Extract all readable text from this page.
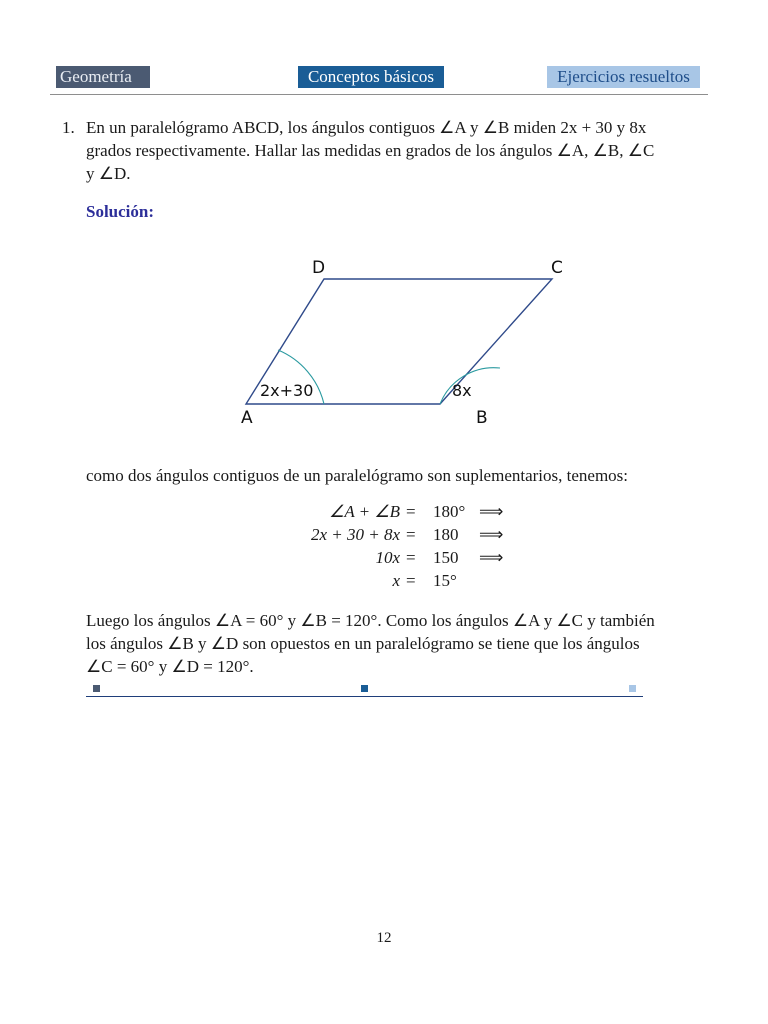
Geometría	Conceptos básicos	Ejercicios resueltos
1. En un paralelógramo ABCD, los ángulos contiguos ∠A y ∠B miden 2x + 30 y 8x
grados respectivamente. Hallar las medidas en grados de los ángulos ∠A, ∠B, ∠C
y ∠D.
Solución:
A	B
C
D
2x+30	8x
como dos ángulos contiguos de un paralelógramo son suplementarios, tenemos:
∠A + ∠B = 180° ⟹
2x + 30 + 8x = 180 ⟹
10x = 150 ⟹
x = 15°
Luego los ángulos ∠A = 60° y ∠B = 120°. Como los ángulos ∠A y ∠C y también
los ángulos ∠B y ∠D son opuestos en un paralelógramo se tiene que los ángulos
∠C = 60° y ∠D = 120°.
12
